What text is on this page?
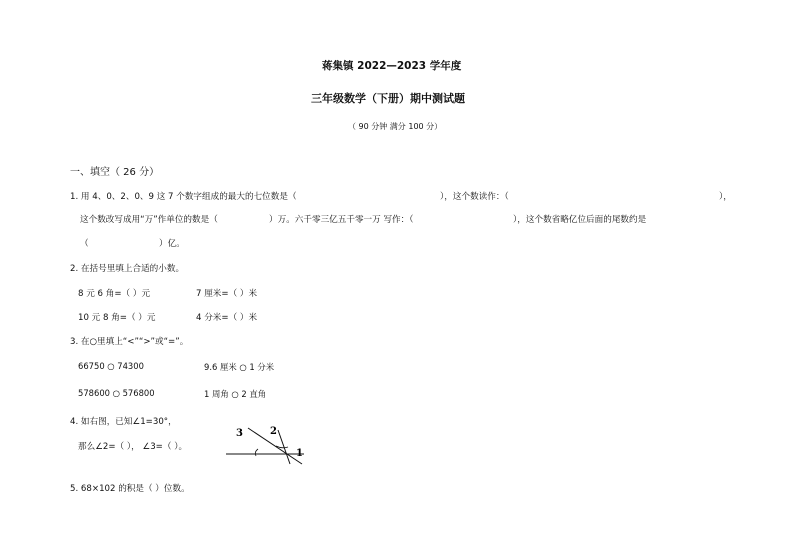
蒋集镇 2022—2023 学年度
三年级数学（下册）期中测试题
（ 90 分钟 满分 100 分）
一、填空（ 26 分）
1. 用 4、0、2、0、9 这 7 个数字组成的最大的七位数是（	），这个数读作：（	），
这个数改写成用“万”作单位的数是（	）万。六千零三亿五千零一万 写作：（	），这个数省略亿位后面的尾数约是
（	）亿。
2. 在括号里填上合适的小数。
8 元 6 角=（ ）元	7 厘米=（ ）米
10 元 8 角=（ ）元	4 分米=（ ）米
3. 在○里填上“<”“>”或“=”。
66750 ○ 74300	9.6 厘米 ○ 1 分米
578600 ○ 576800	1 周角 ○ 2 直角
4. 如右图，已知∠1=30°，
那么∠2=（ ）， ∠3=（ ）。
3	2
1
5. 68×102 的积是（ ）位数。
